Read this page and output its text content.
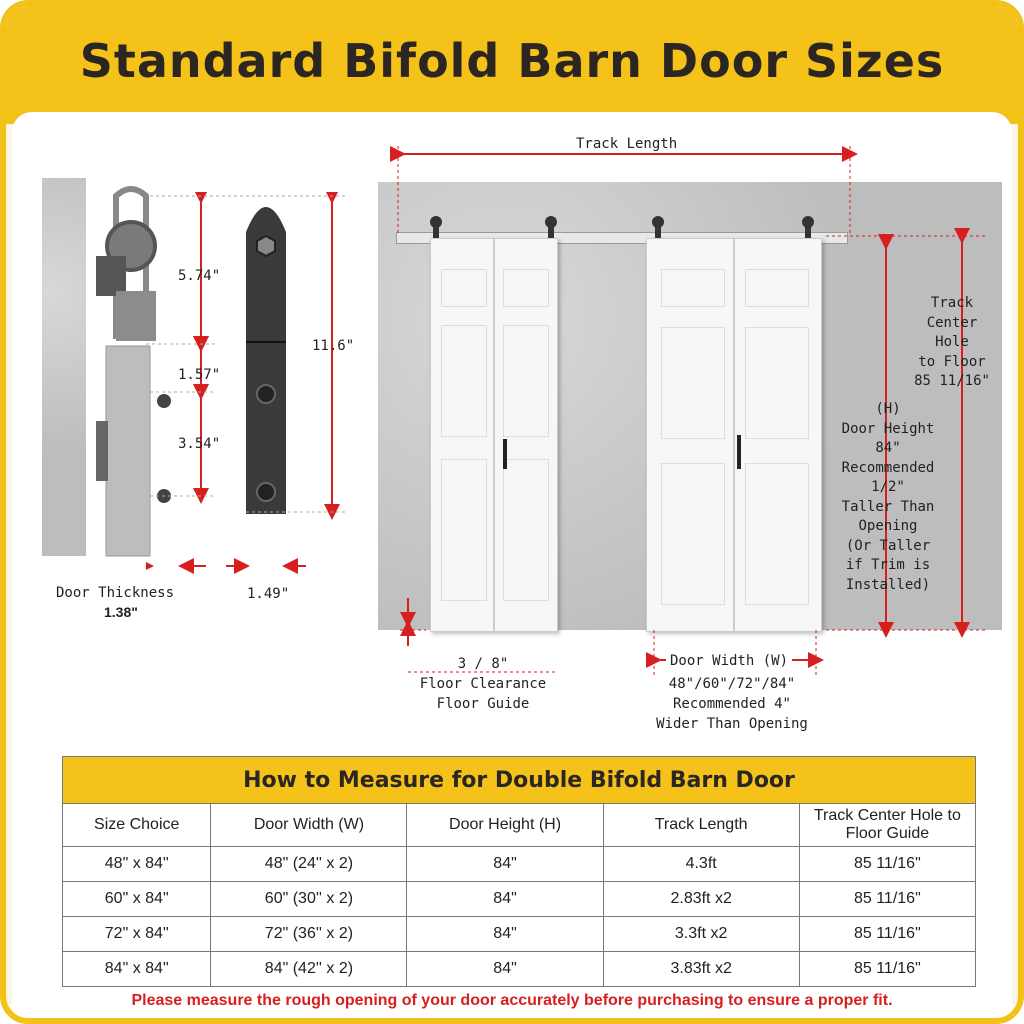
Standard Bifold Barn Door Sizes
5.74"
1.57"
3.54"
11.6"
Door Thickness
1.38"
1.49"
Track Length
Track
Center
Hole
to Floor
85 11/16"
(H)
Door Height
84"
Recommended
1/2"
Taller Than
Opening
(Or Taller
if Trim is
Installed)
3 / 8"
Floor Clearance
Floor Guide
Door Width (W)
48"/60"/72"/84"
Recommended 4"
Wider Than Opening
How to Measure for Double Bifold Barn Door				
Size Choice	Door Width (W)	Door Height (H)	Track Length	Track Center Hole to Floor Guide
48" x 84"	48" (24'' x 2)	84"	4.3ft	85 11/16"
60" x 84"	60" (30'' x 2)	84"	2.83ft x2	85 11/16"
72" x 84"	72" (36'' x 2)	84"	3.3ft x2	85 11/16"
84" x 84"	84" (42'' x 2)	84"	3.83ft x2	85 11/16"
Please measure the rough opening of your door accurately before purchasing to ensure a proper fit.
